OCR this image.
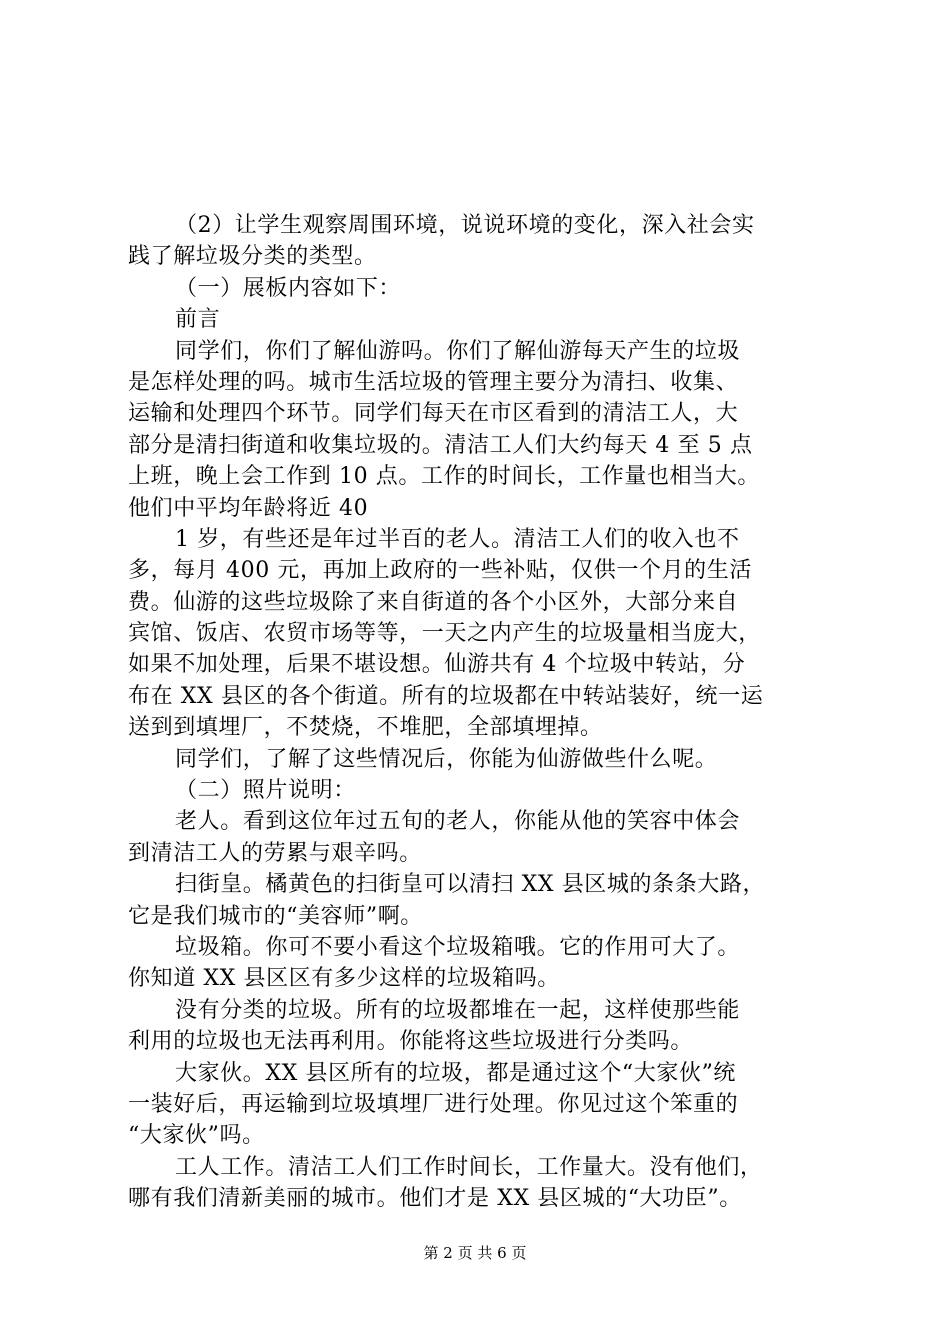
（2）让学生观察周围环境，说说环境的变化，深入社会实
践了解垃圾分类的类型。
（一）展板内容如下：
前言
同学们，你们了解仙游吗。你们了解仙游每天产生的垃圾
是怎样处理的吗。城市生活垃圾的管理主要分为清扫、收集、
运输和处理四个环节。同学们每天在市区看到的清洁工人，大
部分是清扫街道和收集垃圾的。清洁工人们大约每天 4 至 5 点
上班，晚上会工作到 10 点。工作的时间长，工作量也相当大。
他们中平均年龄将近 40
1 岁，有些还是年过半百的老人。清洁工人们的收入也不
多，每月 400 元，再加上政府的一些补贴，仅供一个月的生活
费。仙游的这些垃圾除了来自街道的各个小区外，大部分来自
宾馆、饭店、农贸市场等等，一天之内产生的垃圾量相当庞大，
如果不加处理，后果不堪设想。仙游共有 4 个垃圾中转站，分
布在 XX 县区的各个街道。所有的垃圾都在中转站装好，统一运
送到到填埋厂，不焚烧，不堆肥，全部填埋掉。
同学们，了解了这些情况后，你能为仙游做些什么呢。
（二）照片说明：
老人。看到这位年过五旬的老人，你能从他的笑容中体会
到清洁工人的劳累与艰辛吗。
扫街皇。橘黄色的扫街皇可以清扫 XX 县区城的条条大路，
它是我们城市的“美容师”啊。
垃圾箱。你可不要小看这个垃圾箱哦。它的作用可大了。
你知道 XX 县区区有多少这样的垃圾箱吗。
没有分类的垃圾。所有的垃圾都堆在一起，这样使那些能
利用的垃圾也无法再利用。你能将这些垃圾进行分类吗。
大家伙。XX 县区所有的垃圾，都是通过这个“大家伙”统
一装好后，再运输到垃圾填埋厂进行处理。你见过这个笨重的
“大家伙”吗。
工人工作。清洁工人们工作时间长，工作量大。没有他们，
哪有我们清新美丽的城市。他们才是 XX 县区城的“大功臣”。
第 2 页 共 6 页
